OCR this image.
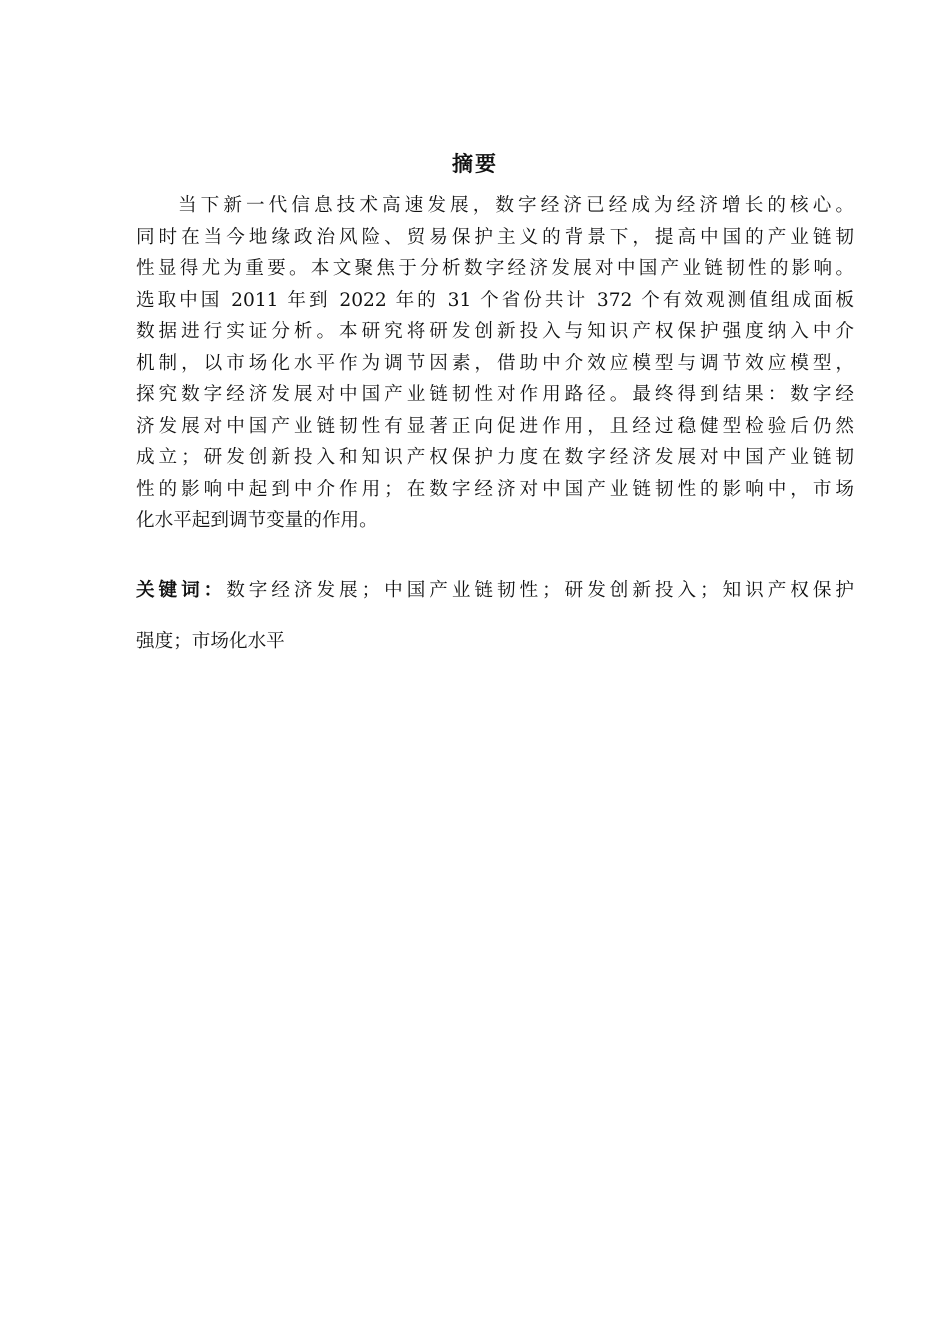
摘要
当下新一代信息技术高速发展，数字经济已经成为经济增长的核心。
同时在当今地缘政治风险、贸易保护主义的背景下，提高中国的产业链韧
性显得尤为重要。本文聚焦于分析数字经济发展对中国产业链韧性的影响。
选取中国 2011 年到 2022 年的 31 个省份共计 372 个有效观测值组成面板
数据进行实证分析。本研究将研发创新投入与知识产权保护强度纳入中介
机制，以市场化水平作为调节因素，借助中介效应模型与调节效应模型，
探究数字经济发展对中国产业链韧性对作用路径。最终得到结果：数字经
济发展对中国产业链韧性有显著正向促进作用，且经过稳健型检验后仍然
成立；研发创新投入和知识产权保护力度在数字经济发展对中国产业链韧
性的影响中起到中介作用；在数字经济对中国产业链韧性的影响中，市场
化水平起到调节变量的作用。
关键词：数字经济发展；中国产业链韧性；研发创新投入；知识产权保护
强度；市场化水平
